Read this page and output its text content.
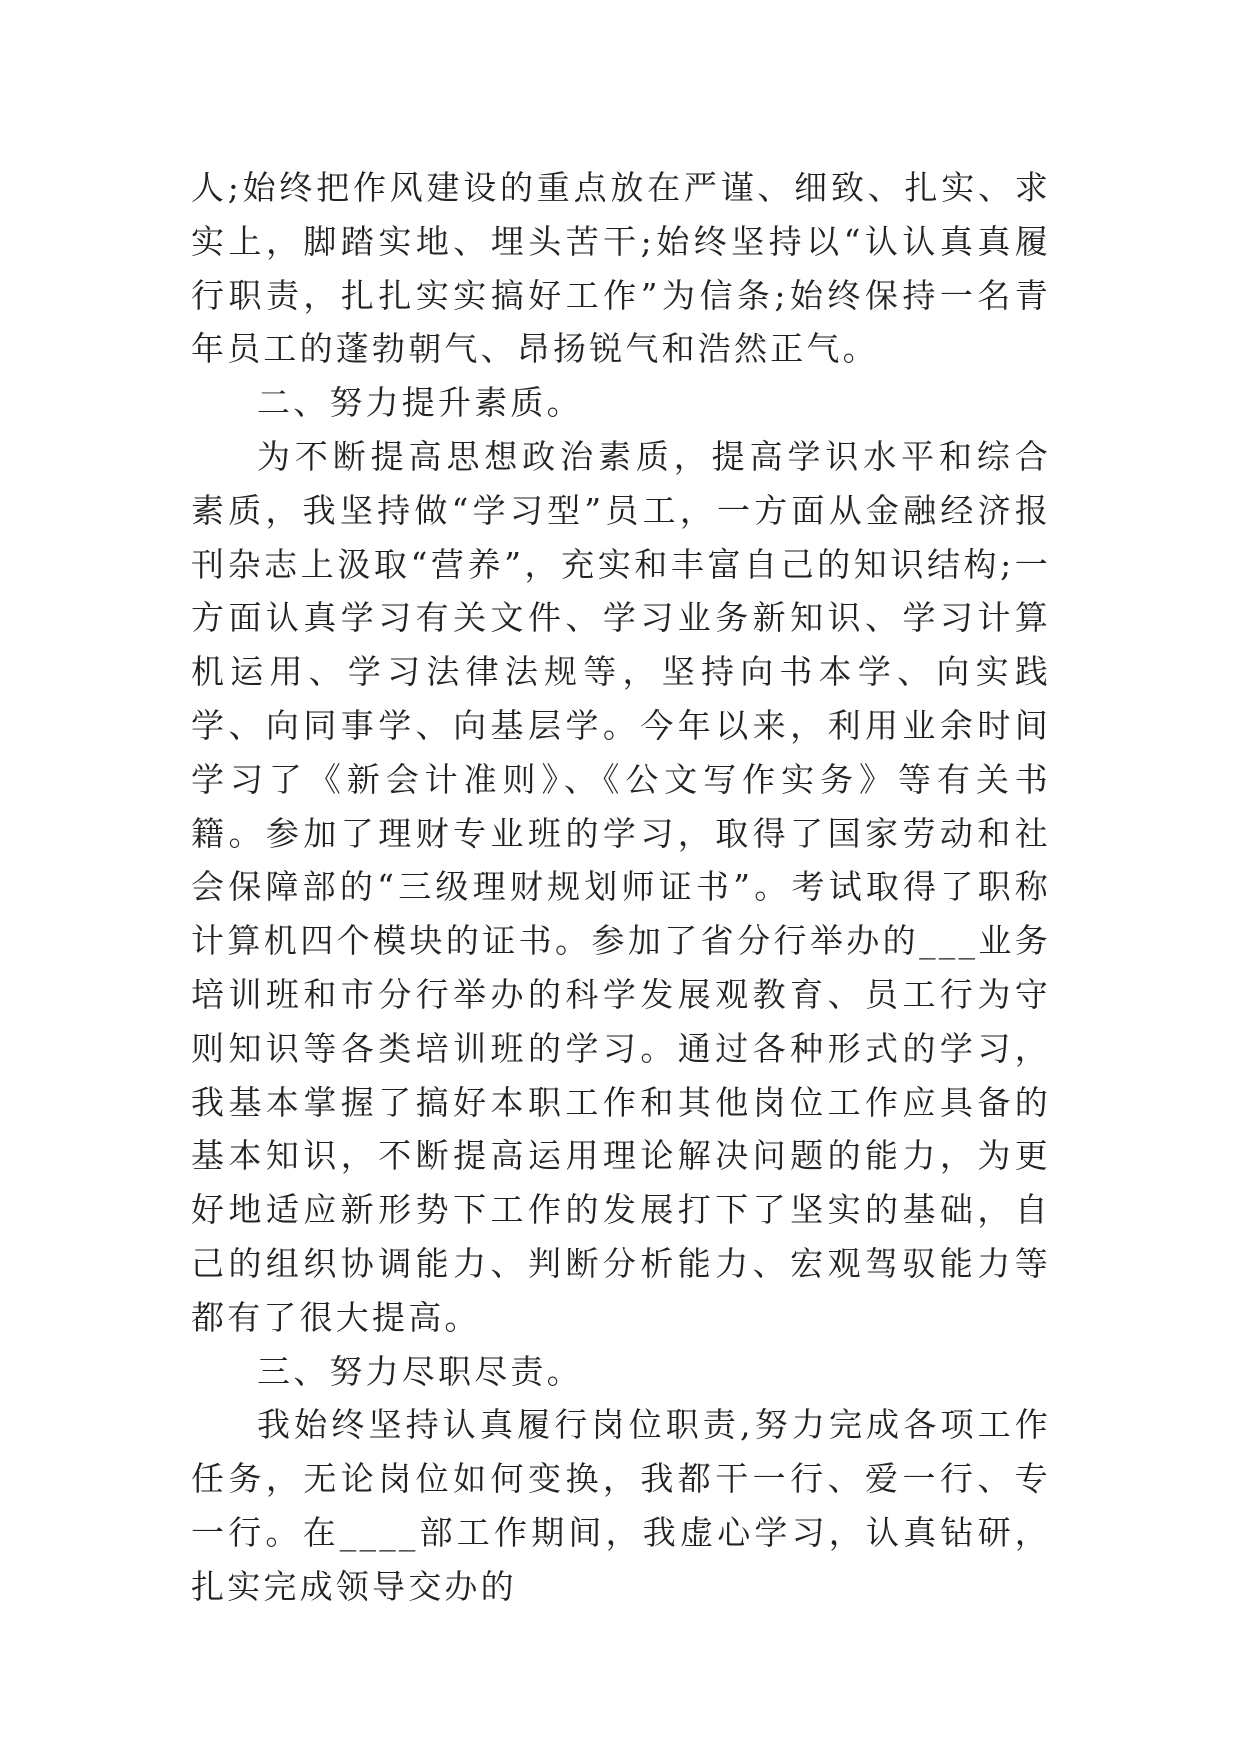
人;始终把作风建设的重点放在严谨、细致、扎实、求实上，脚踏实地、埋头苦干;始终坚持以“认认真真履行职责，扎扎实实搞好工作”为信条;始终保持一名青年员工的蓬勃朝气、昂扬锐气和浩然正气。

二、努力提升素质。

为不断提高思想政治素质，提高学识水平和综合素质，我坚持做“学习型”员工，一方面从金融经济报刊杂志上汲取“营养”，充实和丰富自己的知识结构;一方面认真学习有关文件、学习业务新知识、学习计算机运用、学习法律法规等，坚持向书本学、向实践学、向同事学、向基层学。今年以来，利用业余时间学习了《新会计准则》、《公文写作实务》等有关书籍。参加了理财专业班的学习，取得了国家劳动和社会保障部的“三级理财规划师证书”。考试取得了职称计算机四个模块的证书。参加了省分行举办的___业务培训班和市分行举办的科学发展观教育、员工行为守则知识等各类培训班的学习。通过各种形式的学习，我基本掌握了搞好本职工作和其他岗位工作应具备的基本知识，不断提高运用理论解决问题的能力，为更好地适应新形势下工作的发展打下了坚实的基础，自己的组织协调能力、判断分析能力、宏观驾驭能力等都有了很大提高。

三、努力尽职尽责。

我始终坚持认真履行岗位职责,努力完成各项工作任务，无论岗位如何变换，我都干一行、爱一行、专一行。在____部工作期间，我虚心学习，认真钻研，扎实完成领导交办的
